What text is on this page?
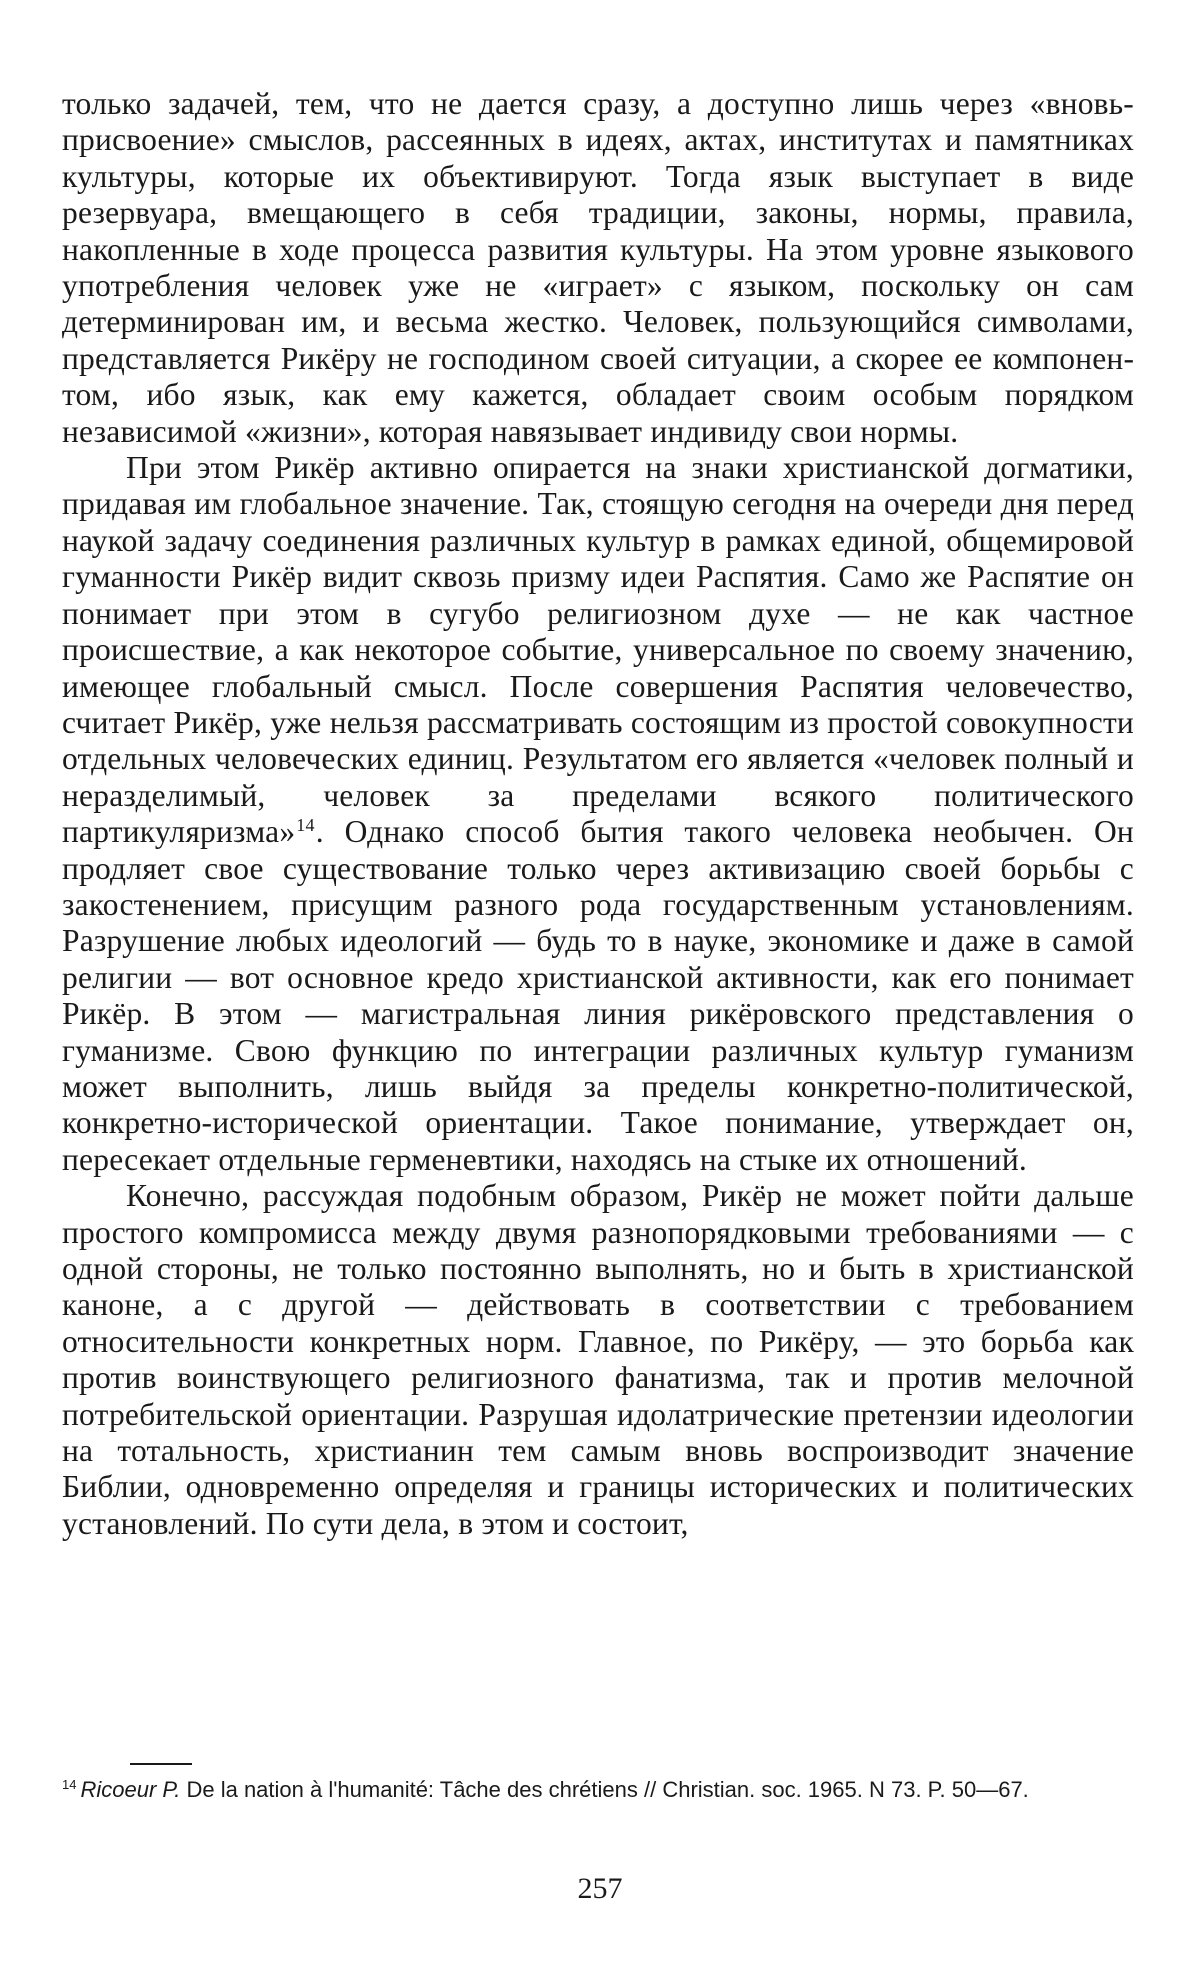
только задачей, тем, что не дается сразу, а доступно лишь через «вновь-присвоение» смыслов, рассеянных в идеях, актах, институтах и памятниках культуры, которые их объективируют. Тогда язык выступает в виде резервуара, вмещающего в себя традиции, законы, нормы, правила, накопленные в ходе процесса развития культуры. На этом уровне языкового употребления человек уже не «играет» с языком, поскольку он сам детерминирован им, и весьма жестко. Человек, пользующийся символами, представляется Рикёру не господином своей ситуации, а скорее ее компонентом, ибо язык, как ему кажется, обладает своим особым порядком независимой «жизни», которая навязывает индивиду свои нормы.

При этом Рикёр активно опирается на знаки христианской догматики, придавая им глобальное значение. Так, стоящую сегодня на очереди дня перед наукой задачу соединения различных культур в рамках единой, общемировой гуманности Рикёр видит сквозь призму идеи Распятия. Само же Распятие он понимает при этом в сугубо религиозном духе — не как частное происшествие, а как некоторое событие, универсальное по своему значению, имеющее глобальный смысл. После совершения Распятия человечество, считает Рикёр, уже нельзя рассматривать состоящим из простой совокупности отдельных человеческих единиц. Результатом его является «человек полный и неразделимый, человек за пределами всякого политического партикуляризма»$^{14}$. Однако способ бытия такого человека необычен. Он продляет свое существование только через активизацию своей борьбы с закостенением, присущим разного рода государственным установлениям. Разрушение любых идеологий — будь то в науке, экономике и даже в самой религии — вот основное кредо христианской активности, как его понимает Рикёр. В этом — магистральная линия рикёровского представления о гуманизме. Свою функцию по интеграции различных культур гуманизм может выполнить, лишь выйдя за пределы конкретно-политической, конкретно-исторической ориентации. Такое понимание, утверждает он, пересекает отдельные герменевтики, находясь на стыке их отношений.

Конечно, рассуждая подобным образом, Рикёр не может пойти дальше простого компромисса между двумя разнопорядковыми требованиями — с одной стороны, не только постоянно выполнять, но и быть в христианской каноне, а с другой — действовать в соответствии с требованием относительности конкретных норм. Главное, по Рикёру, — это борьба как против воинствующего религиозного фанатизма, так и против мелочной потребительской ориентации. Разрушая идолатрические претензии идеологии на тотальность, христианин тем самым вновь воспроизводит значение Библии, одновременно определяя и границы исторических и политических установлений. По сути дела, в этом и состоит,

$^{14}$ Ricoeur P. De la nation à l'humanité: Tâche des chrétiens // Christian. soc. 1965. N 73. P. 50—67.

257
